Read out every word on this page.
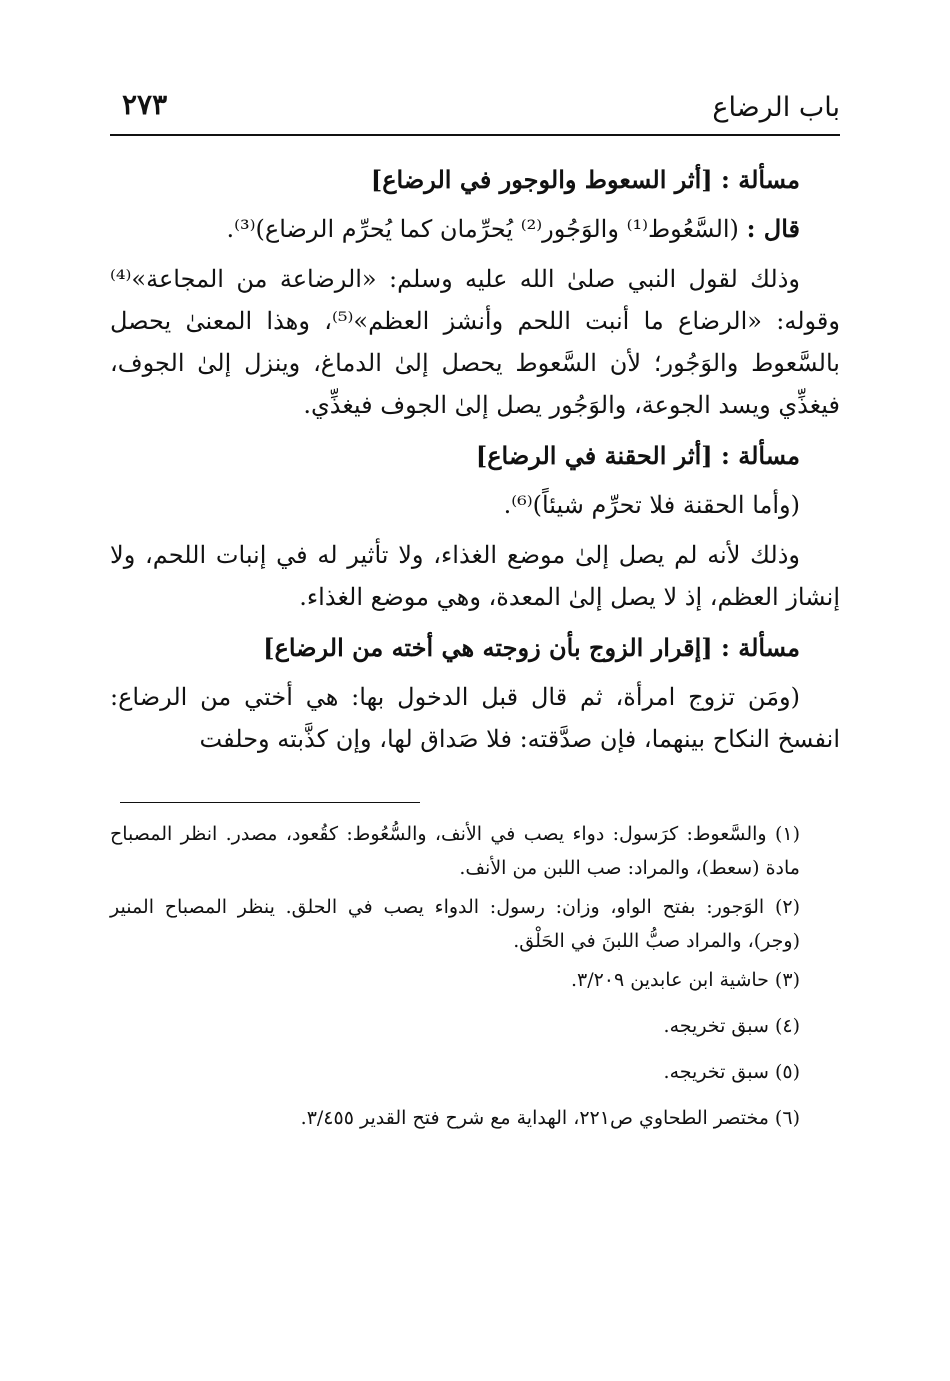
باب الرضاع
٢٧٣
مسألة : [أثر السعوط والوجور في الرضاع]

قال : (السَّعُوط⁽¹⁾ والوَجُور⁽²⁾ يُحرِّمان كما يُحرِّم الرضاع)⁽³⁾.

وذلك لقول النبي صلىٰ الله عليه وسلم: «الرضاعة من المجاعة»⁽⁴⁾ وقوله: «الرضاع ما أنبت اللحم وأنشز العظم»⁽⁵⁾، وهذا المعنىٰ يحصل بالسَّعوط والوَجُور؛ لأن السَّعوط يحصل إلىٰ الدماغ، وينزل إلىٰ الجوف، فيغذِّي ويسد الجوعة، والوَجُور يصل إلىٰ الجوف فيغذِّي.

مسألة : [أثر الحقنة في الرضاع]

(وأما الحقنة فلا تحرِّم شيئاً)⁽⁶⁾.

وذلك لأنه لم يصل إلىٰ موضع الغذاء، ولا تأثير له في إنبات اللحم، ولا إنشاز العظم، إذ لا يصل إلىٰ المعدة، وهي موضع الغذاء.

مسألة : [إقرار الزوج بأن زوجته هي أخته من الرضاع]

(ومَن تزوج امرأة، ثم قال قبل الدخول بها: هي أختي من الرضاع: انفسخ النكاح بينهما، فإن صدَّقته: فلا صَداق لها، وإن كذَّبته وحلفت

(١) والسَّعوط: كرَسول: دواء يصب في الأنف، والسُّعُوط: كقُعود، مصدر. انظر المصباح مادة (سعط)، والمراد: صب اللبن من الأنف.

(٢) الوَجور: بفتح الواو، وزان: رسول: الدواء يصب في الحلق. ينظر المصباح المنير (وجر)، والمراد صبُّ اللبنَ في الحَلْق.

(٣) حاشية ابن عابدين ٣/٢٠٩.

(٤) سبق تخريجه.

(٥) سبق تخريجه.

(٦) مختصر الطحاوي ص٢٢١، الهداية مع شرح فتح القدير ٣/٤٥٥.
